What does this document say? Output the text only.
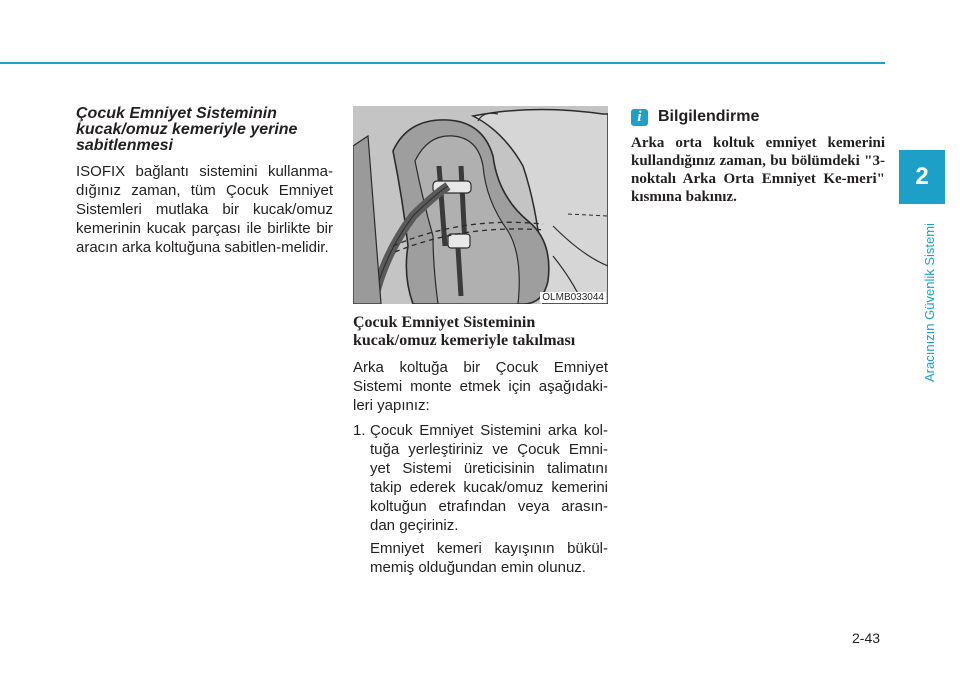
2
Aracınızın Güvenlik Sistemi
Çocuk Emniyet Sisteminin kucak/omuz kemeriyle yerine sabitlenmesi

ISOFIX bağlantı sistemini kullanma-dığınız zaman, tüm Çocuk Emniyet Sistemleri mutlaka bir kucak/omuz kemerinin kucak parçası ile birlikte bir aracın arka koltuğuna sabitlen-melidir.

OLMB033044
Çocuk Emniyet Sisteminin kucak/omuz kemeriyle takılması

Arka koltuğa bir Çocuk Emniyet Sistemi monte etmek için aşağıdaki-leri yapınız:

1. Çocuk Emniyet Sistemini arka kol-tuğa yerleştiriniz ve Çocuk Emni-yet Sistemi üreticisinin talimatını takip ederek kucak/omuz kemerini koltuğun etrafından veya arasın-dan geçiriniz.

Emniyet kemeri kayışının bükül-memiş olduğundan emin olunuz.

i	Bilgilendirme

Arka orta koltuk emniyet kemerini kullandığınız zaman, bu bölümdeki "3-noktalı Arka Orta Emniyet Ke-meri" kısmına bakınız.

2-43
